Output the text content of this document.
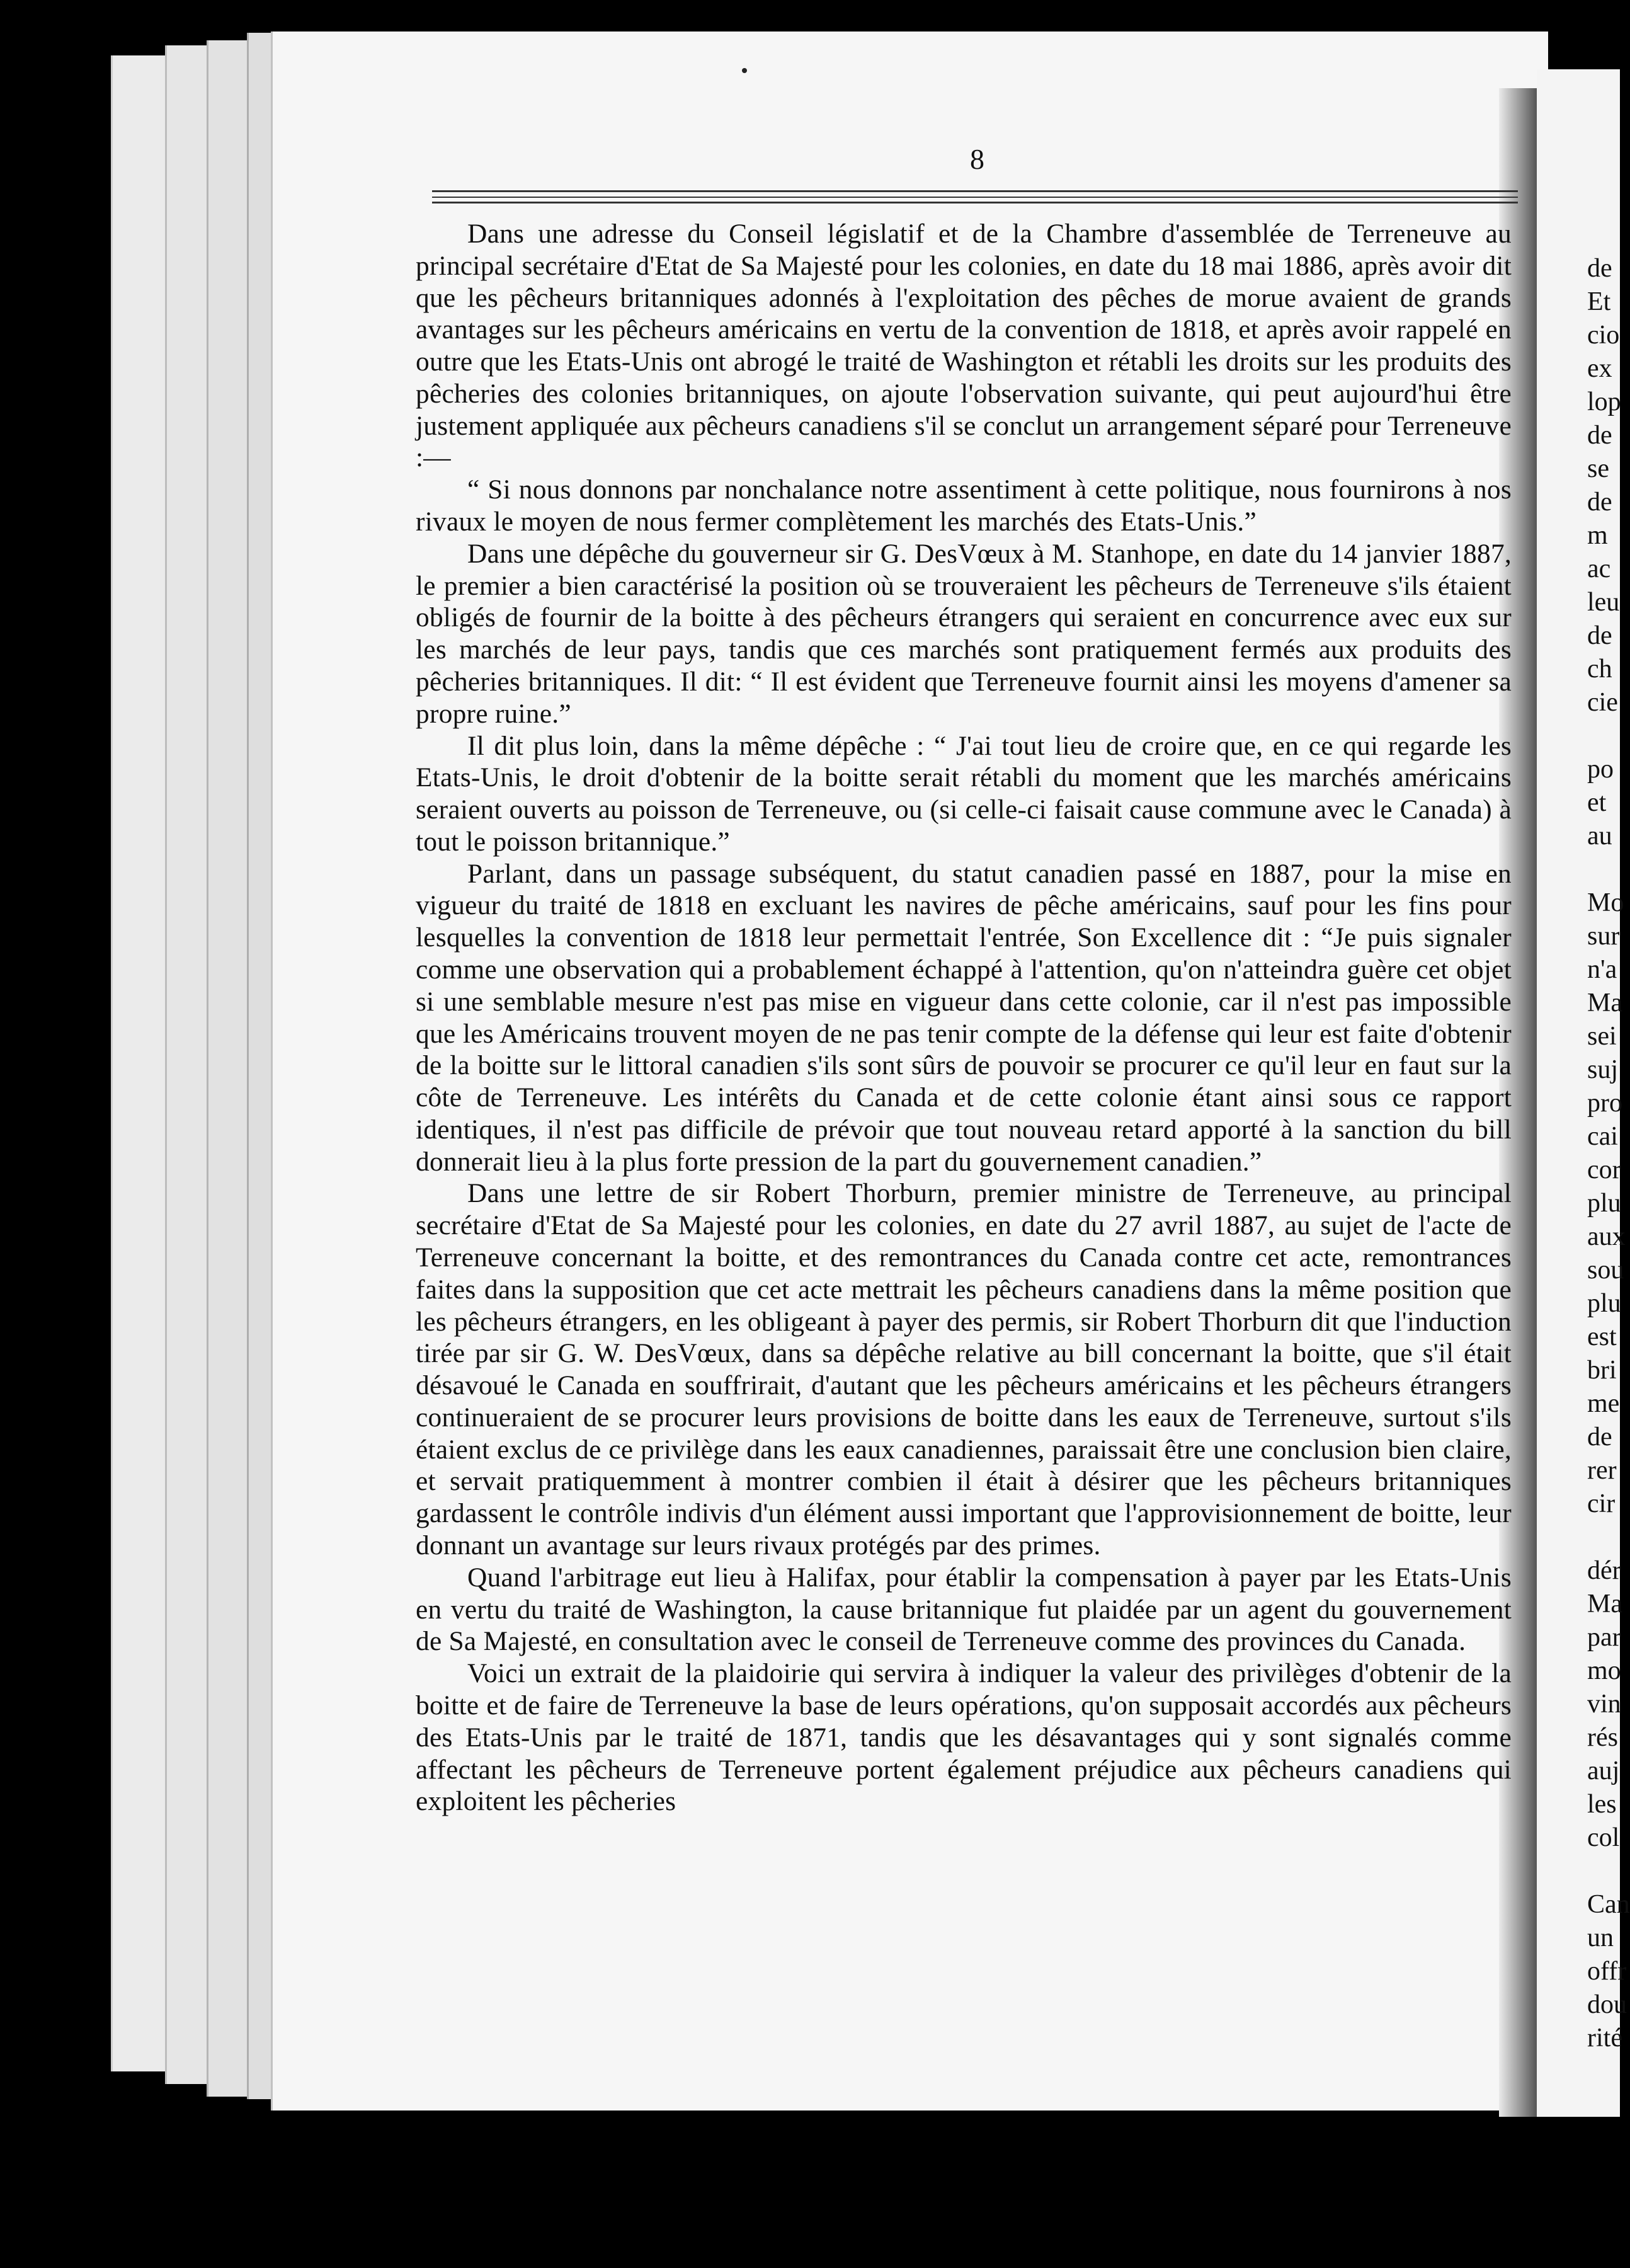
8

Dans une adresse du Conseil législatif et de la Chambre d'assemblée de Terreneuve au principal secrétaire d'Etat de Sa Majesté pour les colonies, en date du 18 mai 1886, après avoir dit que les pêcheurs britanniques adonnés à l'exploitation des pêches de morue avaient de grands avantages sur les pêcheurs américains en vertu de la convention de 1818, et après avoir rappelé en outre que les Etats-Unis ont abrogé le traité de Washington et rétabli les droits sur les produits des pêcheries des colonies britanniques, on ajoute l'observation suivante, qui peut aujourd'hui être justement appliquée aux pêcheurs canadiens s'il se conclut un arrangement séparé pour Terreneuve :—

“ Si nous donnons par nonchalance notre assentiment à cette politique, nous fournirons à nos rivaux le moyen de nous fermer complètement les marchés des Etats-Unis.”

Dans une dépêche du gouverneur sir G. DesVœux à M. Stanhope, en date du 14 janvier 1887, le premier a bien caractérisé la position où se trouveraient les pêcheurs de Terreneuve s'ils étaient obligés de fournir de la boitte à des pêcheurs étrangers qui seraient en concurrence avec eux sur les marchés de leur pays, tandis que ces marchés sont pratiquement fermés aux produits des pêcheries britanniques. Il dit: “ Il est évident que Terreneuve fournit ainsi les moyens d'amener sa propre ruine.”

Il dit plus loin, dans la même dépêche : “ J'ai tout lieu de croire que, en ce qui regarde les Etats-Unis, le droit d'obtenir de la boitte serait rétabli du moment que les marchés américains seraient ouverts au poisson de Terreneuve, ou (si celle-ci faisait cause commune avec le Canada) à tout le poisson britannique.”

Parlant, dans un passage subséquent, du statut canadien passé en 1887, pour la mise en vigueur du traité de 1818 en excluant les navires de pêche américains, sauf pour les fins pour lesquelles la convention de 1818 leur permettait l'entrée, Son Excellence dit : “Je puis signaler comme une observation qui a probablement échappé à l'attention, qu'on n'atteindra guère cet objet si une semblable mesure n'est pas mise en vigueur dans cette colonie, car il n'est pas impossible que les Américains trouvent moyen de ne pas tenir compte de la défense qui leur est faite d'obtenir de la boitte sur le littoral canadien s'ils sont sûrs de pouvoir se procurer ce qu'il leur en faut sur la côte de Terreneuve. Les intérêts du Canada et de cette colonie étant ainsi sous ce rapport identiques, il n'est pas difficile de prévoir que tout nouveau retard apporté à la sanction du bill donnerait lieu à la plus forte pression de la part du gouvernement canadien.”

Dans une lettre de sir Robert Thorburn, premier ministre de Terreneuve, au principal secrétaire d'Etat de Sa Majesté pour les colonies, en date du 27 avril 1887, au sujet de l'acte de Terreneuve concernant la boitte, et des remontrances du Canada contre cet acte, remontrances faites dans la supposition que cet acte mettrait les pêcheurs canadiens dans la même position que les pêcheurs étrangers, en les obligeant à payer des permis, sir Robert Thorburn dit que l'induction tirée par sir G. W. DesVœux, dans sa dépêche relative au bill concernant la boitte, que s'il était désavoué le Canada en souffrirait, d'autant que les pêcheurs américains et les pêcheurs étrangers continueraient de se procurer leurs provisions de boitte dans les eaux de Terreneuve, surtout s'ils étaient exclus de ce privilège dans les eaux canadiennes, paraissait être une conclusion bien claire, et servait pratiquemment à montrer combien il était à désirer que les pêcheurs britanniques gardassent le contrôle indivis d'un élément aussi important que l'approvisionnement de boitte, leur donnant un avantage sur leurs rivaux protégés par des primes.

Quand l'arbitrage eut lieu à Halifax, pour établir la compensation à payer par les Etats-Unis en vertu du traité de Washington, la cause britannique fut plaidée par un agent du gouvernement de Sa Majesté, en consultation avec le conseil de Terreneuve comme des provinces du Canada.

Voici un extrait de la plaidoirie qui servira à indiquer la valeur des privilèges d'obtenir de la boitte et de faire de Terreneuve la base de leurs opérations, qu'on supposait accordés aux pêcheurs des Etats-Unis par le traité de 1871, tandis que les désavantages qui y sont signalés comme affectant les pêcheurs de Terreneuve portent également préjudice aux pêcheurs canadiens qui exploitent les pêcheries

de
Et
cio
ex
lop
de
se
de
m
ac
leu
de
ch
cie

po
et
au

Mo
sur
n'a
Ma
sei
suj
pro
cai
cor
plu
aux
sou
plu
est
bri
me
de
rer
cir

dér
Ma
par
mo
vin
rés
auj
les
col

Can
un
offr
dou
rité
